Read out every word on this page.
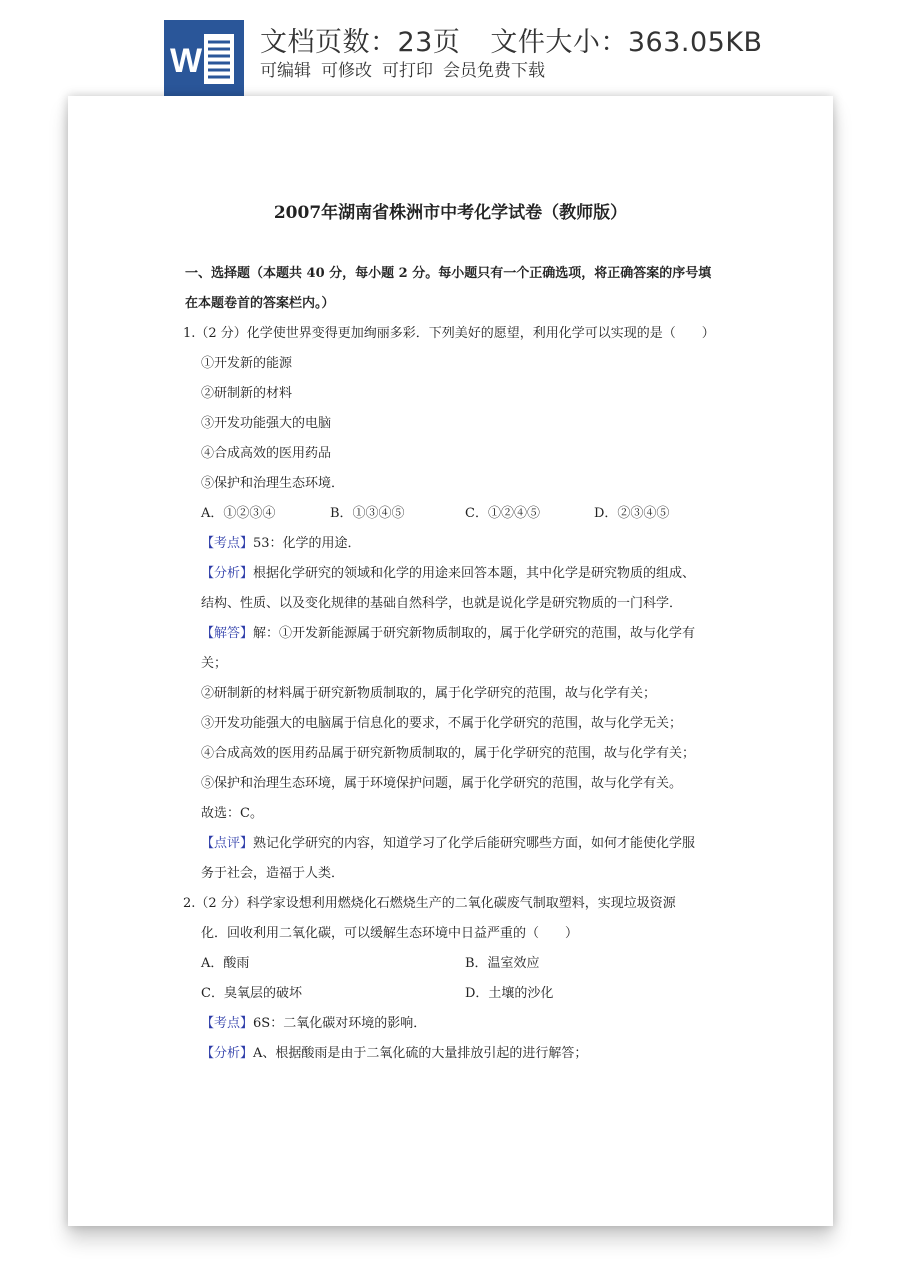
W 文档页数：23页 文件大小：363.05KB
可编辑 可修改 可打印 会员免费下载
2007年湖南省株洲市中考化学试卷（教师版）
一、选择题（本题共 40 分，每小题 2 分。每小题只有一个正确选项，将正确答案的序号填
在本题卷首的答案栏内。）
1.（2 分）化学使世界变得更加绚丽多彩．下列美好的愿望，利用化学可以实现的是（　　）
①开发新的能源
②研制新的材料
③开发功能强大的电脑
④合成高效的医用药品
⑤保护和治理生态环境．
A．①②③④	B．①③④⑤	C．①②④⑤	D．②③④⑤
【考点】53：化学的用途．
【分析】根据化学研究的领域和化学的用途来回答本题，其中化学是研究物质的组成、
结构、性质、以及变化规律的基础自然科学，也就是说化学是研究物质的一门科学．
【解答】解：①开发新能源属于研究新物质制取的，属于化学研究的范围，故与化学有
关；
②研制新的材料属于研究新物质制取的，属于化学研究的范围，故与化学有关；
③开发功能强大的电脑属于信息化的要求，不属于化学研究的范围，故与化学无关；
④合成高效的医用药品属于研究新物质制取的，属于化学研究的范围，故与化学有关；
⑤保护和治理生态环境，属于环境保护问题，属于化学研究的范围，故与化学有关。
故选：C。
【点评】熟记化学研究的内容，知道学习了化学后能研究哪些方面，如何才能使化学服
务于社会，造福于人类．
2.（2 分）科学家设想利用燃烧化石燃烧生产的二氧化碳废气制取塑料，实现垃圾资源
化．回收利用二氧化碳，可以缓解生态环境中日益严重的（　　）
A．酸雨	B．温室效应
C．臭氧层的破坏	D．土壤的沙化
【考点】6S：二氧化碳对环境的影响．
【分析】A、根据酸雨是由于二氧化硫的大量排放引起的进行解答；
